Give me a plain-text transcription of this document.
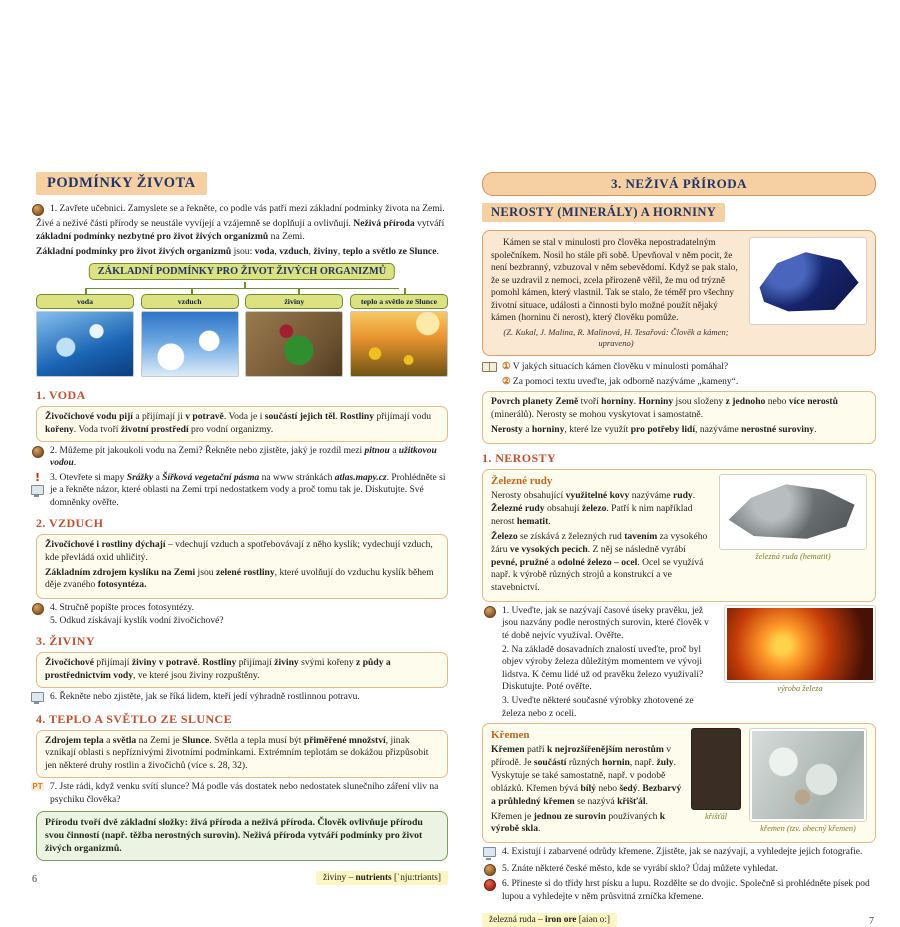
PODMÍNKY ŽIVOTA
1. Zavřete učebnici. Zamyslete se a řekněte, co podle vás patří mezi základní podmínky života na Zemi.

Živé a neživé části přírody se neustále vyvíjejí a vzájemně se doplňují a ovlivňují. Neživá příroda vytváří základní podmínky nezbytné pro život živých organizmů na Zemi.

Základní podmínky pro život živých organizmů jsou: voda, vzduch, živiny, teplo a světlo ze Slunce.

ZÁKLADNÍ PODMÍNKY PRO ŽIVOT ŽIVÝCH ORGANIZMŮ
voda	vzduch	živiny	teplo a světlo ze Slunce
1. VODA
Živočichové vodu pijí a přijímají ji v potravě. Voda je i součástí jejich těl. Rostliny přijímají vodu kořeny. Voda tvoří životní prostředí pro vodní organizmy.
2. Můžeme pít jakoukoli vodu na Zemi? Řekněte nebo zjistěte, jaký je rozdíl mezi pitnou a užitkovou vodou.
! 3. Otevřete si mapy Srážky a Šířková vegetační pásma na www stránkách atlas.mapy.cz. Prohlédněte si je a řekněte názor, které oblasti na Zemi trpí nedostatkem vody a proč tomu tak je. Diskutujte. Své domněnky ověřte.
2. VZDUCH

Živočichové i rostliny dýchají – vdechují vzduch a spotřebovávají z něho kyslík; vydechují vzduch, kde převládá oxid uhličitý.

Základním zdrojem kyslíku na Zemi jsou zelené rostliny, které uvolňují do vzduchu kyslík během děje zvaného fotosyntéza.

4. Stručně popište proces fotosyntézy.
5. Odkud získávají kyslík vodní živočichové?
3. ŽIVINY
Živočichové přijímají živiny v potravě. Rostliny přijímají živiny svými kořeny z půdy a prostřednictvím vody, ve které jsou živiny rozpuštěny.
6. Řekněte nebo zjistěte, jak se říká lidem, kteří jedí výhradně rostlinnou potravu.
4. TEPLO A SVĚTLO ZE SLUNCE
Zdrojem tepla a světla na Zemi je Slunce. Světla a tepla musí být přiměřené množství, jinak vznikají oblasti s nepříznivými životními podmínkami. Extrémním teplotám se dokážou přizpůsobit jen některé druhy rostlin a živočichů (více s. 28, 32).
PT 7. Jste rádi, když venku svítí slunce? Má podle vás dostatek nebo nedostatek slunečního záření vliv na psychiku člověka?
Přírodu tvoří dvě základní složky: živá příroda a neživá příroda. Člověk ovlivňuje přírodu svou činností (např. těžba nerostných surovin). Neživá příroda vytváří podmínky pro život živých organizmů.
6	živiny – nutrients [ˈnju:triənts]
3. NEŽIVÁ PŘÍRODA
NEROSTY (MINERÁLY) A HORNINY

Kámen se stal v minulosti pro člověka nepostradatelným společníkem. Nosil ho stále při sobě. Upevňoval v něm pocit, že není bezbranný, vzbuzoval v něm sebevědomí. Když se pak stalo, že se uzdravil z nemoci, zcela přirozeně věřil, že mu od trýzně pomohl kámen, který vlastnil. Tak se stalo, že téměř pro všechny životní situace, události a činnosti bylo možné použít nějaký kámen (horninu či nerost), který člověku pomůže.

(Z. Kukal, J. Malina, R. Malinová, H. Tesařová: Člověk a kámen; upraveno)
① V jakých situacích kámen člověku v minulosti pomáhal?
② Za pomoci textu uveďte, jak odborně nazýváme „kameny“.

Povrch planety Země tvoří horniny. Horniny jsou složeny z jednoho nebo více nerostů (minerálů). Nerosty se mohou vyskytovat i samostatně.

Nerosty a horniny, které lze využít pro potřeby lidí, nazýváme nerostné suroviny.

1. NEROSTY
Železné rudy

Nerosty obsahující využitelné kovy nazýváme rudy. Železné rudy obsahují železo. Patří k nim například nerost hematit.

Železo se získává z železných rud tavením za vysokého žáru ve vysokých pecích. Z něj se následně vyrábí pevné, pružné a odolné železo – ocel. Ocel se využívá např. k výrobě různých strojů a konstrukcí a ve stavebnictví.

železná ruda (hematit)
1. Uveďte, jak se nazývají časové úseky pravěku, jež jsou nazvány podle nerostných surovin, které člověk v té době nejvíc využíval. Ověřte.
2. Na základě dosavadních znalostí uveďte, proč byl objev výroby železa důležitým momentem ve vývoji lidstva. K čemu lidé už od pravěku železo využívali? Diskutujte. Poté ověřte.
3. Uveďte některé současné výrobky zhotovené ze železa nebo z oceli.
výroba železa
Křemen

Křemen patří k nejrozšířenějším nerostům v přírodě. Je součástí různých hornin, např. žuly. Vyskytuje se také samostatně, např. v podobě oblázků. Křemen bývá bílý nebo šedý. Bezbarvý a průhledný křemen se nazývá křišťál.

Křemen je jednou ze surovin používaných k výrobě skla.

křišťál
křemen (tzv. obecný křemen)
4. Existují i zabarvené odrůdy křemene. Zjistěte, jak se nazývají, a vyhledejte jejich fotografie.
5. Znáte některé české město, kde se vyrábí sklo? Údaj můžete vyhledat.
6. Přineste si do třídy hrst písku a lupu. Rozdělte se do dvojic. Společně si prohlédněte písek pod lupou a vyhledejte v něm průsvitná zrníčka křemene.
železná ruda – iron ore [aiən o:]	7
